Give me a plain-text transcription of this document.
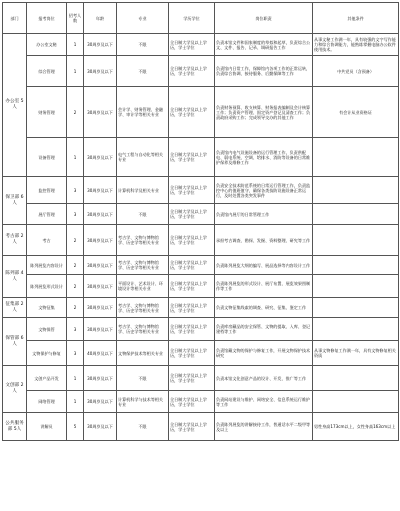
部门	报考岗位	招考人数	年龄	专业	学历学位	岗位职责	其他条件
办公室 5人	办公室文秘	1	30周岁及以下	不限	全日制大学及以上学历，学士学位	负责本馆文件和国家制度的草拟和起草，负责综合公文、文件、报告、记录、调研报告工作	从事文秘工作满一年，具有较强的文字写作能力和综合协调能力，能熟练掌握电脑办公软件使用技术。
	综合管理	1	30周岁及以下	不限	全日制大学及以上学历，学士学位	负责馆内日常工作，保障馆内各项工作的正常运转，负责综合协调、接待服务、后勤保障等工作	中共党员（含预备）
	财务管理	2	30周岁及以下	会计学、财务管理、金融学、审计学等相关专业	全日制大学及以上学历，学士学位	负责财务预算、收支核算、财务报表编制及会计核算工作；负责资产管理、固定资产登记及清查工作；负责政府采购工作；完成领导交办的其他工作	有会计从业资格证
	设备管理	1	30周岁及以下	电气工程与自动化等相关专业	全日制大学及以上学历，学士学位	负责馆内电气设施设备的运行管理工作，负责供配电、弱电系统、空调、给排水、消防等设备的日常维护保养及维修工作	
保卫部 6人	监控管理	3	30周岁及以下	计算机科学及相关专业	全日制大学及以上学历，学士学位	负责安全技术防范系统的日常运行管理工作，负责监控中心的值班值守，确保各类技防设施设备正常运行，及时处置各类突发事件	
	展厅管理	3	30周岁及以下	不限	全日制大学及以上学历，学士学位	负责馆内展厅的日常管理工作	
考古部 2人	考古	2	30周岁及以下	考古学、文物与博物馆学、历史学等相关专业	全日制大学及以上学历，学士学位	承担考古调查、勘探、发掘、资料整理、研究等工作	
陈列部 4人	陈列展览内容设计	2	30周岁及以下	考古学、文物与博物馆学、历史学等相关专业	全日制大学及以上学历，学士学位	负责陈列展览大纲的编写、展品选择等内容设计工作	
	陈列展览形式设计	2	30周岁及以下	平面设计、艺术设计、环境设计等相关专业	全日制大学及以上学历，学士学位	负责陈列展览的形式设计、展厅布置、展览效果图制作等工作	
征集部 2人	文物征集	2	30周岁及以下	考古学、文物与博物馆学、历史学等相关专业	全日制大学及以上学历，学士学位	负责文物征集线索的调查、研究、征集、鉴定工作	
保管部 6人	文物保管	3	30周岁及以下	考古学、文物与博物馆学、历史学等相关专业	全日制大学及以上学历，学士学位	负责库房藏品的安全保管、文物的提取、入库、登记建档等工作	
	文物保护与修复	3	40周岁及以下	文物保护技术等相关专业	全日制大学及以上学历，学士学位	负责馆藏文物的保护与修复工作，开展文物保护技术研究	从事文物修复工作满一年，具有文物修复相关资质
文创部 2人	文创产品开发	1	30周岁及以下	不限	全日制大学及以上学历，学士学位	负责本馆文化创意产品的设计、开发、推广等工作	
	网络管理	1	30周岁及以下	计算机科学与技术等相关专业	全日制大学及以上学历，学士学位	负责网站建设与维护、网络安全、信息系统运行维护等工作	
公共服务部 5人	讲解员	5	30周岁及以下	不限	全日制大学及以上学历，学士学位	负责陈列展览的讲解接待工作，普通话水平二级甲等及以上	男性身高173cm以上，女性身高163cm以上
